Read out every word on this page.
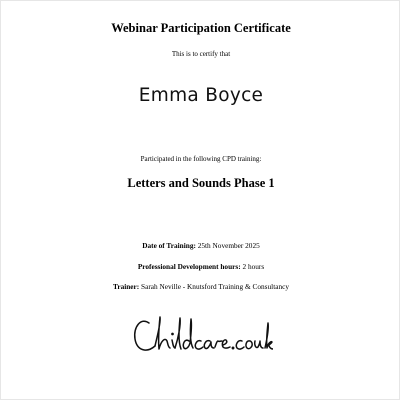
Webinar Participation Certificate
This is to certify that
Emma Boyce
Participated in the following CPD training:
Letters and Sounds Phase 1
Date of Training: 25th November 2025
Professional Development hours: 2 hours
Trainer: Sarah Neville - Knutsford Training & Consultancy
